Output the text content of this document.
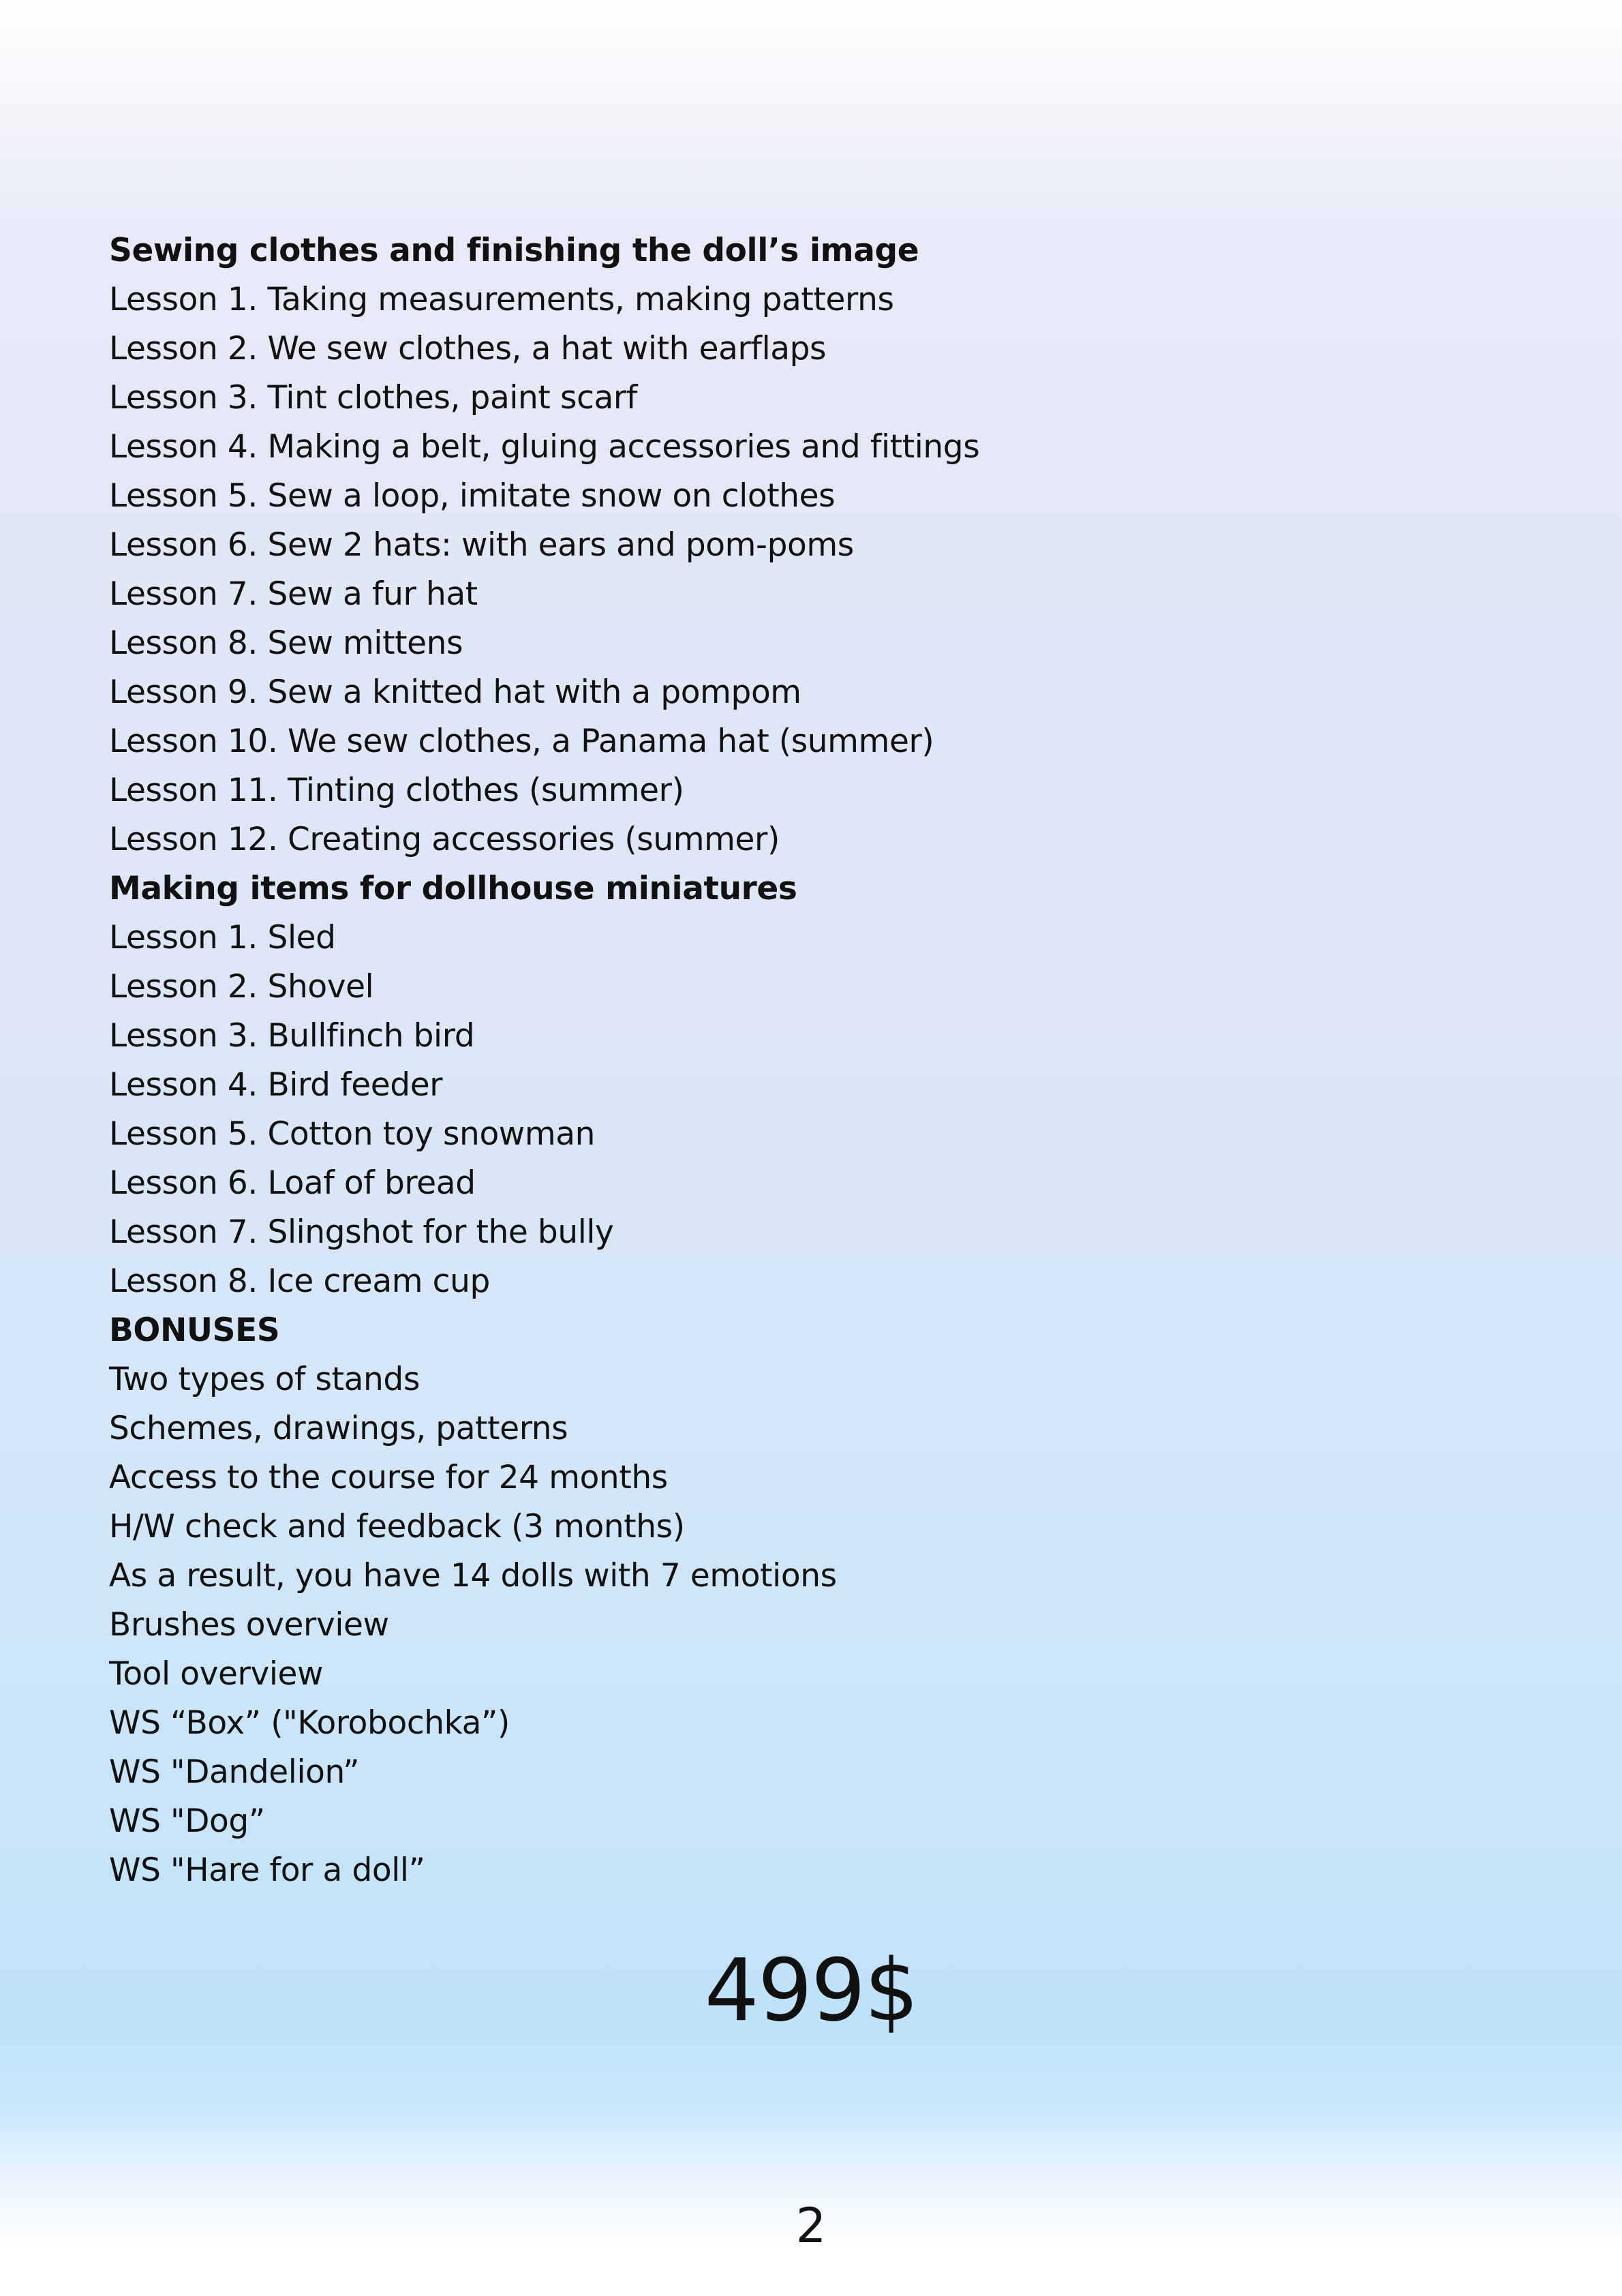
Sewing clothes and finishing the doll’s image
Lesson 1. Taking measurements, making patterns
Lesson 2. We sew clothes, a hat with earflaps
Lesson 3. Tint clothes, paint scarf
Lesson 4. Making a belt, gluing accessories and fittings
Lesson 5. Sew a loop, imitate snow on clothes
Lesson 6. Sew 2 hats: with ears and pom-poms
Lesson 7. Sew a fur hat
Lesson 8. Sew mittens
Lesson 9. Sew a knitted hat with a pompom
Lesson 10. We sew clothes, a Panama hat (summer)
Lesson 11. Tinting clothes (summer)
Lesson 12. Creating accessories (summer)
Making items for dollhouse miniatures
Lesson 1. Sled
Lesson 2. Shovel
Lesson 3. Bullfinch bird
Lesson 4. Bird feeder
Lesson 5. Cotton toy snowman
Lesson 6. Loaf of bread
Lesson 7. Slingshot for the bully
Lesson 8. Ice cream cup
BONUSES
Two types of stands
Schemes, drawings, patterns
Access to the course for 24 months
H/W check and feedback (3 months)
As a result, you have 14 dolls with 7 emotions
Brushes overview
Tool overview
WS “Box” ("Korobochka”)
WS "Dandelion”
WS "Dog”
WS "Hare for a doll”
499$
2
